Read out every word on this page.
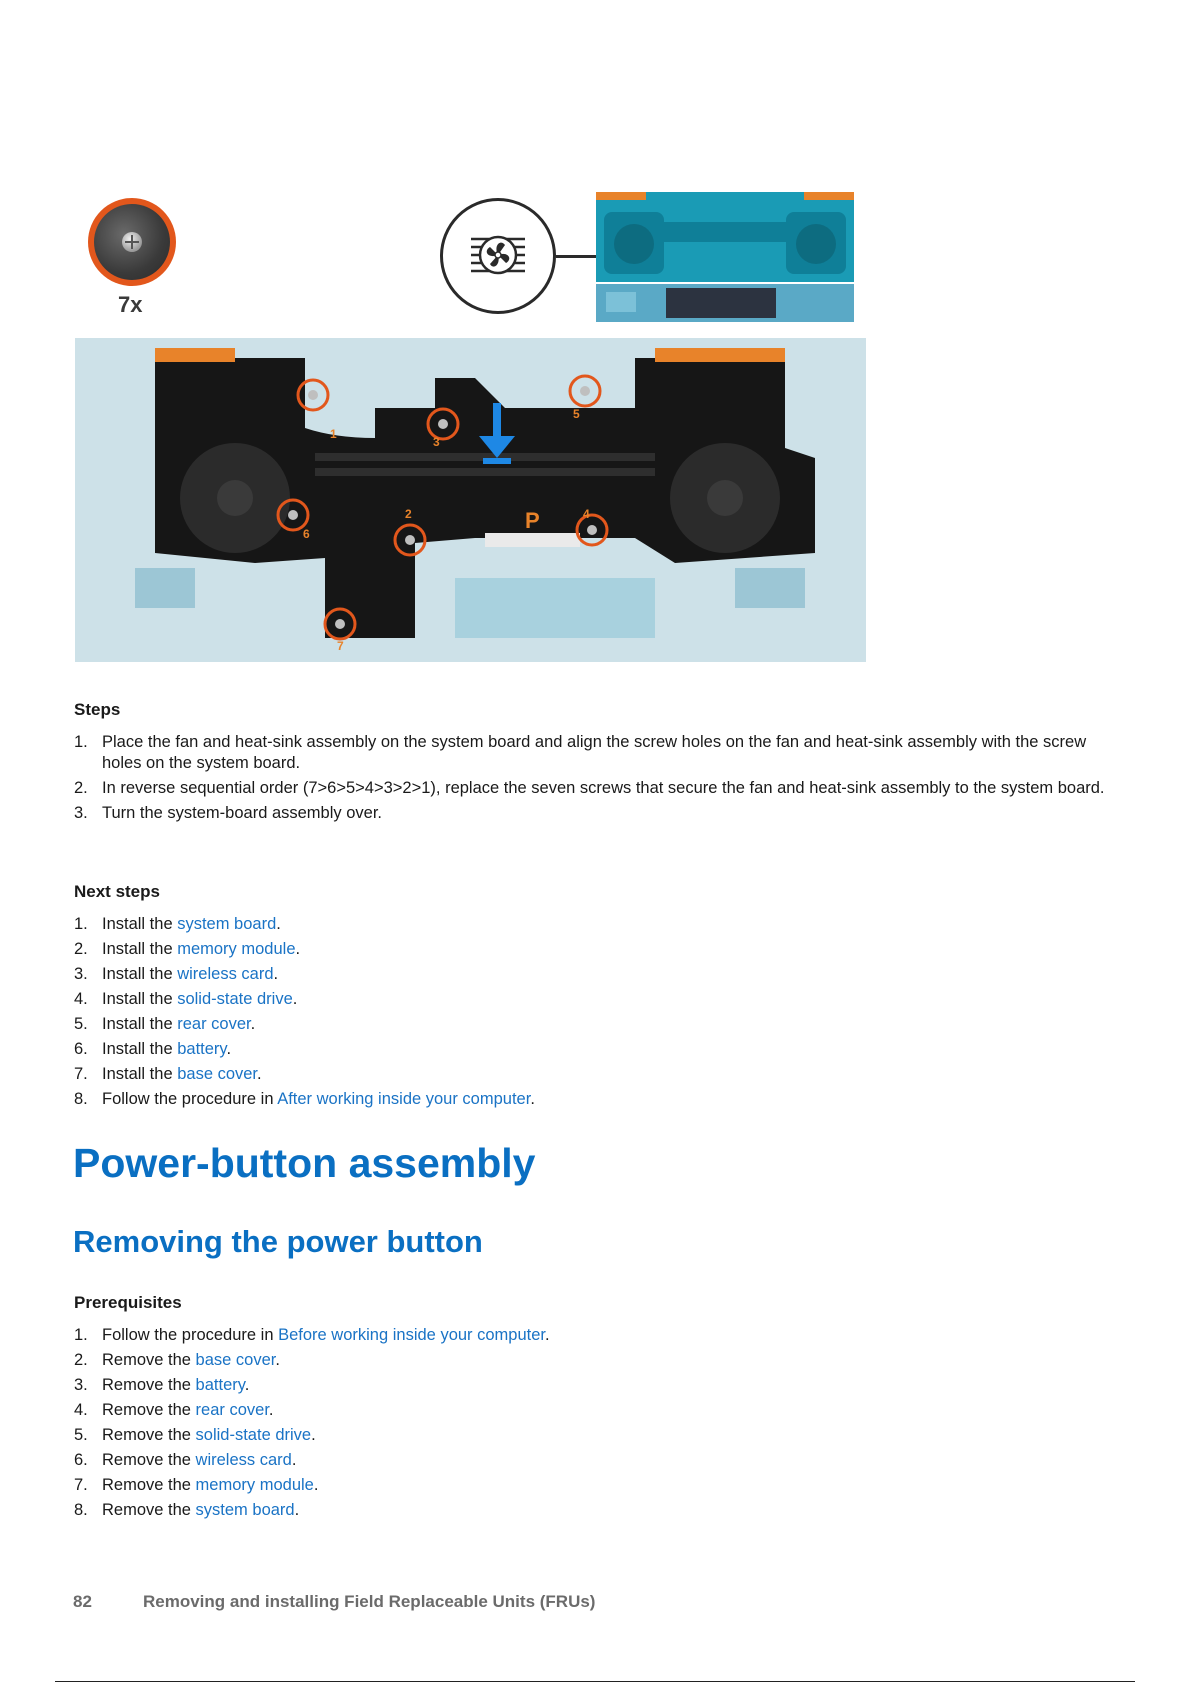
7x
P
1
2
3
4
5
6
7
Steps
1. Place the fan and heat-sink assembly on the system board and align the screw holes on the fan and heat-sink assembly with the screw holes on the system board.
2. In reverse sequential order (7>6>5>4>3>2>1), replace the seven screws that secure the fan and heat-sink assembly to the system board.
3. Turn the system-board assembly over.
Next steps
1. Install the system board.
2. Install the memory module.
3. Install the wireless card.
4. Install the solid-state drive.
5. Install the rear cover.
6. Install the battery.
7. Install the base cover.
8. Follow the procedure in After working inside your computer.
Power-button assembly
Removing the power button
Prerequisites
1. Follow the procedure in Before working inside your computer.
2. Remove the base cover.
3. Remove the battery.
4. Remove the rear cover.
5. Remove the solid-state drive.
6. Remove the wireless card.
7. Remove the memory module.
8. Remove the system board.
82	Removing and installing Field Replaceable Units (FRUs)
